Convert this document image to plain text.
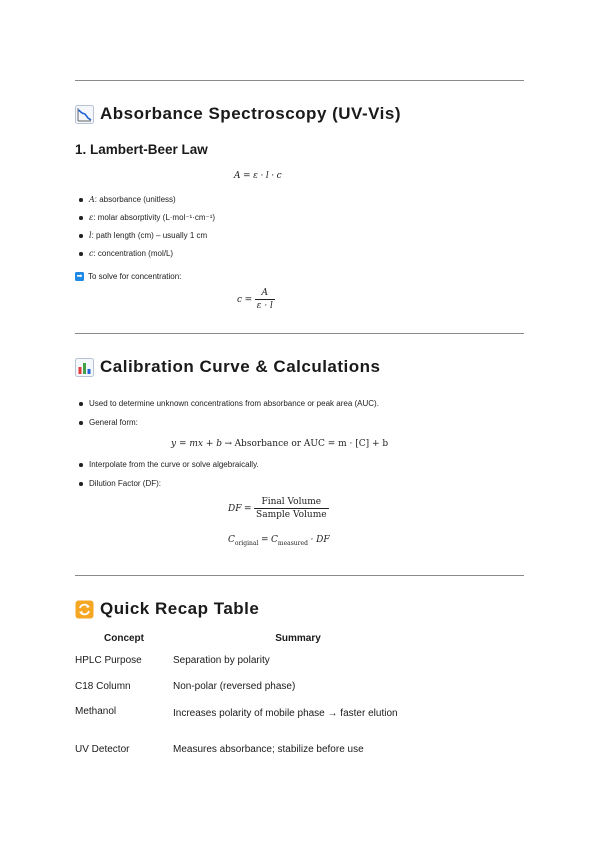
Absorbance Spectroscopy (UV-Vis)
1. Lambert-Beer Law
A = ε · l · c
A: absorbance (unitless)
ε: molar absorptivity (L·mol⁻¹·cm⁻¹)
l: path length (cm) – usually 1 cm
c: concentration (mol/L)
➡ To solve for concentration:
$c = \frac{A}{\varepsilon \cdot l}$
Calibration Curve & Calculations
Used to determine unknown concentrations from absorbance or peak area (AUC).
General form:
Interpolate from the curve or solve algebraically.
Dilution Factor (DF):
y = mx + b → Absorbance or AUC = m · [C] + b
DF = $\frac{\text{Final Volume}}{\text{Sample Volume}}$
$C_{original} = C_{measured}$ · DF
Quick Recap Table
Concept	Summary
HPLC Purpose	Separation by polarity
C18 Column	Non-polar (reversed phase)
Methanol	Increases polarity of mobile phase → faster elution

UV Detector	Measures absorbance; stabilize before use
